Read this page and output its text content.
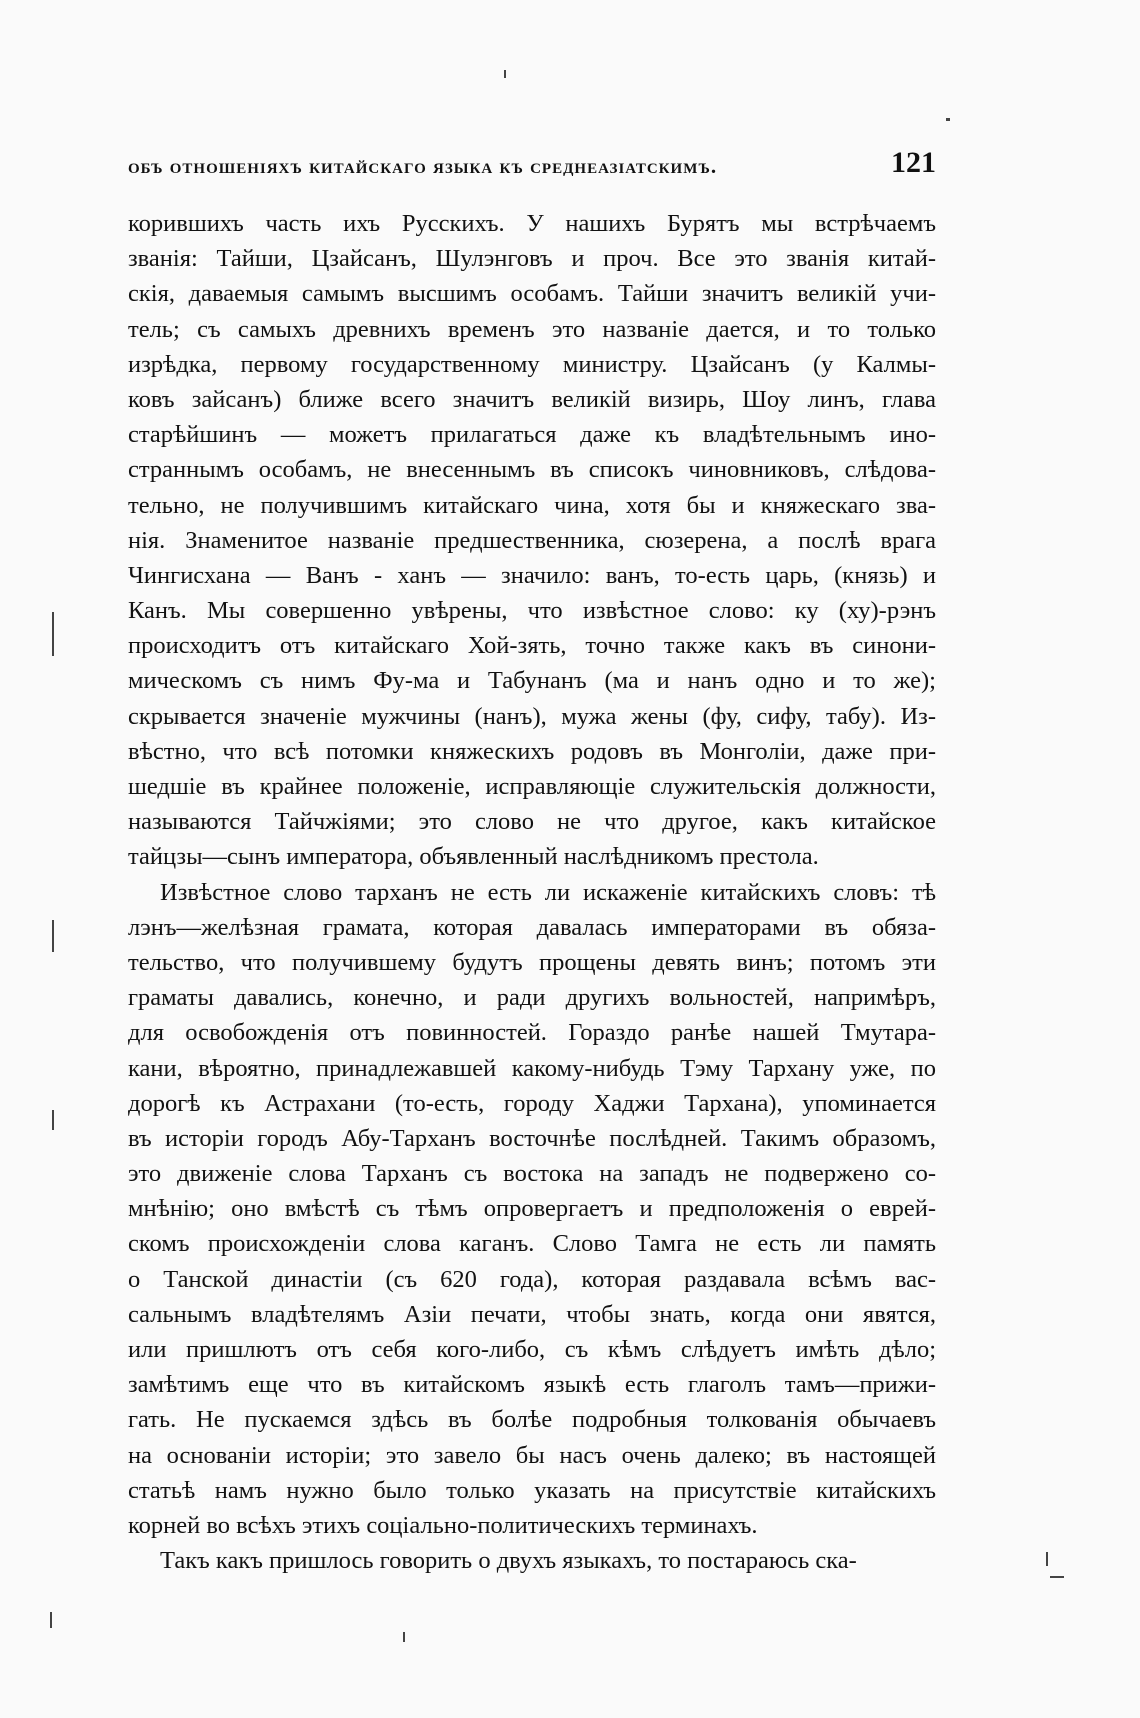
объ отношеніяхъ китайскаго языка къ среднеазіатскимъ.	121
корившихъ часть ихъ Русскихъ. У нашихъ Бурятъ мы встрѣчаемъ
званія: Тайши, Цзайсанъ, Шулэнговъ и проч. Все это званія китай-
скія, даваемыя самымъ высшимъ особамъ. Тайши значитъ великій учи-
тель; съ самыхъ древнихъ временъ это названіе дается, и то только
изрѣдка, первому государственному министру. Цзайсанъ (у Калмы-
ковъ зайсанъ) ближе всего значитъ великій визирь, Шоу линъ, глава
старѣйшинъ — можетъ прилагаться даже къ владѣтельнымъ ино-
страннымъ особамъ, не внесеннымъ въ списокъ чиновниковъ, слѣдова-
тельно, не получившимъ китайскаго чина, хотя бы и княжескаго зва-
нія. Знаменитое названіе предшественника, сюзерена, а послѣ врага
Чингисхана — Ванъ - ханъ — значило: ванъ, то-есть царь, (князь) и
Канъ. Мы совершенно увѣрены, что извѣстное слово: ку (ху)-рэнъ
происходитъ отъ китайскаго Хой-зять, точно также какъ въ синони-
мическомъ съ нимъ Фу-ма и Табунанъ (ма и нанъ одно и то же);
скрывается значеніе мужчины (нанъ), мужа жены (фу, сифу, табу). Из-
вѣстно, что всѣ потомки княжескихъ родовъ въ Монголіи, даже при-
шедшіе въ крайнее положеніе, исправляющіе служительскія должности,
называются Тайчжіями; это слово не что другое, какъ китайское
тайцзы—сынъ императора, объявленный наслѣдникомъ престола.
Извѣстное слово тарханъ не есть ли искаженіе китайскихъ словъ: тѣ
лэнъ—желѣзная грамата, которая давалась императорами въ обяза-
тельство, что получившему будутъ прощены девять винъ; потомъ эти
граматы давались, конечно, и ради другихъ вольностей, напримѣръ,
для освобожденія отъ повинностей. Гораздо ранѣе нашей Тмутара-
кани, вѣроятно, принадлежавшей какому-нибудь Тэму Тархану уже, по
дорогѣ къ Астрахани (то-есть, городу Хаджи Тархана), упоминается
въ исторіи городъ Абу-Тарханъ восточнѣе послѣдней. Такимъ образомъ,
это движеніе слова Тарханъ съ востока на западъ не подвержено со-
мнѣнію; оно вмѣстѣ съ тѣмъ опровергаетъ и предположенія о еврей-
скомъ происхожденіи слова каганъ. Слово Тамга не есть ли память
о Танской династіи (съ 620 года), которая раздавала всѣмъ вас-
сальнымъ владѣтелямъ Азіи печати, чтобы знать, когда они явятся,
или пришлютъ отъ себя кого-либо, съ кѣмъ слѣдуетъ имѣть дѣло;
замѣтимъ еще что въ китайскомъ языкѣ есть глаголъ тамъ—прижи-
гать. Не пускаемся здѣсь въ болѣе подробныя толкованія обычаевъ
на основаніи исторіи; это завело бы насъ очень далеко; въ настоящей
статьѣ намъ нужно было только указать на присутствіе китайскихъ
корней во всѣхъ этихъ соціально-политическихъ терминахъ.
Такъ какъ пришлось говорить о двухъ языкахъ, то постараюсь ска-
